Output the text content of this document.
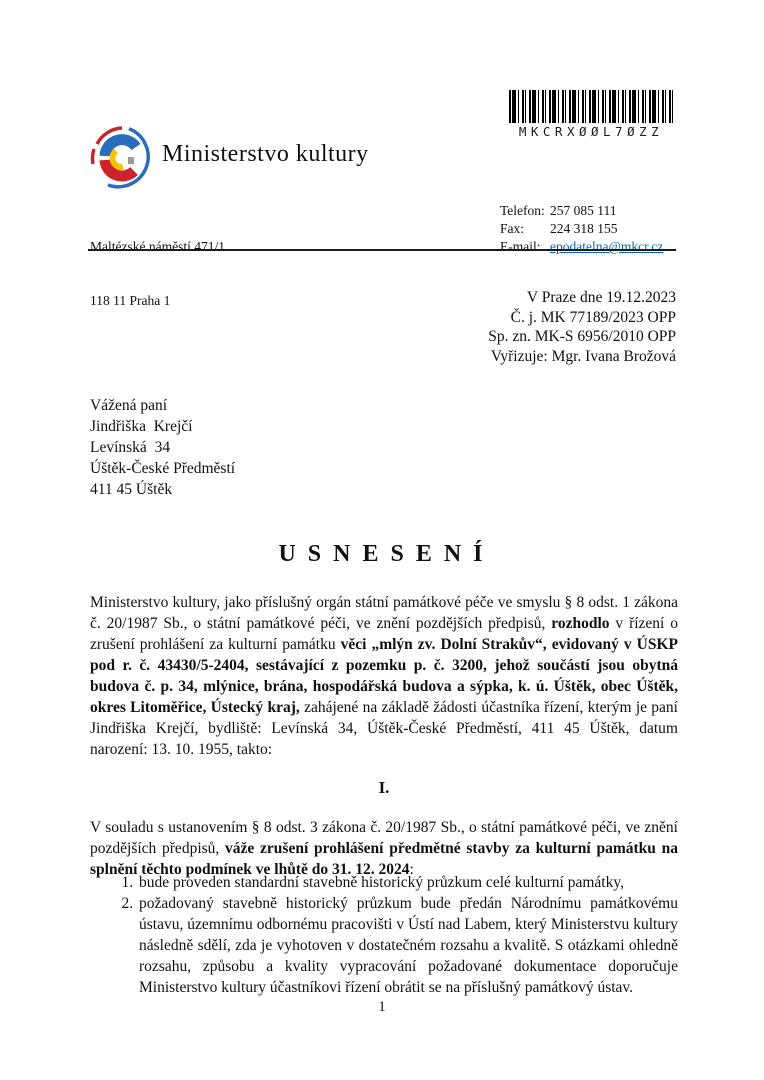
Ministerstvo kultury
MKCRXØØL7ØZZ

Maltézské náměstí 471/1

118 11 Praha 1

Telefon: 257 085 111
Fax:	224 318 155
E-mail: epodatelna@mkcr.cz
V Praze dne 19.12.2023
Č. j. MK 77189/2023 OPP
Sp. zn. MK-S 6956/2010 OPP
Vyřizuje: Mgr. Ivana Brožová
Vážená paní
Jindřiška  Krejčí
Levínská  34
Úštěk-České Předměstí
411 45 Úštěk
U S N E S E N Í
Ministerstvo kultury, jako příslušný orgán státní památkové péče ve smyslu § 8 odst. 1 zákona č. 20/1987 Sb., o státní památkové péči, ve znění pozdějších předpisů, rozhodlo v řízení o zrušení prohlášení za kulturní památku věci „mlýn zv. Dolní Strakův“, evidovaný v ÚSKP pod r. č. 43430/5-2404, sestávající z pozemku p. č. 3200, jehož součástí jsou obytná budova č. p. 34, mlýnice, brána, hospodářská budova a sýpka, k. ú. Úštěk, obec Úštěk, okres Litoměřice, Ústecký kraj, zahájené na základě žádosti účastníka řízení, kterým je paní Jindřiška Krejčí, bydliště: Levínská 34, Úštěk-České Předměstí, 411 45 Úštěk, datum narození: 13. 10. 1955, takto:
I.
V souladu s ustanovením § 8 odst. 3 zákona č. 20/1987 Sb., o státní památkové péči, ve znění pozdějších předpisů, váže zrušení prohlášení předmětné stavby za kulturní památku na splnění těchto podmínek ve lhůtě do 31. 12. 2024:
1. bude proveden standardní stavebně historický průzkum celé kulturní památky,
2. požadovaný stavebně historický průzkum bude předán Národnímu památkovému ústavu, územnímu odbornému pracovišti v Ústí nad Labem, který Ministerstvu kultury následně sdělí, zda je vyhotoven v dostatečném rozsahu a kvalitě. S otázkami ohledně rozsahu, způsobu a kvality vypracování požadované dokumentace doporučuje Ministerstvo kultury účastníkovi řízení obrátit se na příslušný památkový ústav.
1
